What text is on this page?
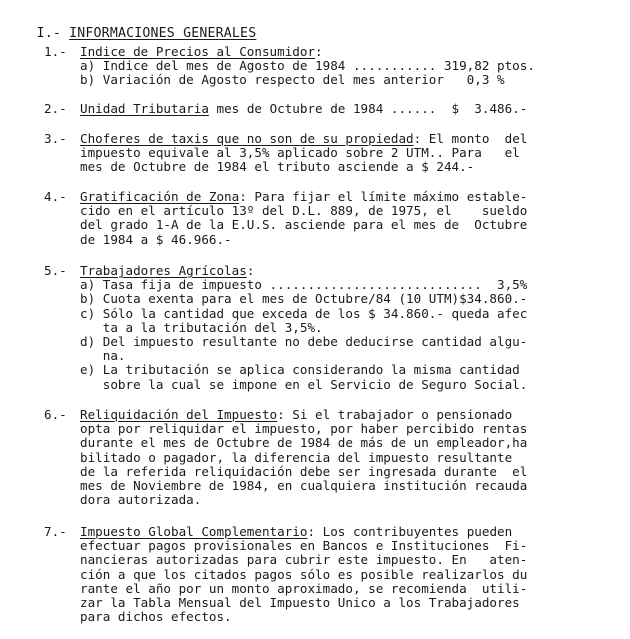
I.- INFORMACIONES GENERALES

1.- Indice de Precios al Consumidor:
a) Indice del mes de Agosto de 1984 ........... 319,82 ptos.
b) Variación de Agosto respecto del mes anterior   0,3 %
2.- Unidad Tributaria mes de Octubre de 1984 ......  $  3.486.-
3.- Choferes de taxis que no son de su propiedad: El monto  del
impuesto equivale al 3,5% aplicado sobre 2 UTM.. Para   el
mes de Octubre de 1984 el tributo asciende a $ 244.-
4.- Gratificación de Zona: Para fijar el límite máximo estable-
cido en el artículo 13º del D.L. 889, de 1975, el    sueldo
del grado 1-A de la E.U.S. asciende para el mes de  Octubre
de 1984 a $ 46.966.-
5.- Trabajadores Agrícolas:
a) Tasa fija de impuesto ............................  3,5%
b) Cuota exenta para el mes de Octubre/84 (10 UTM)$34.860.-
c) Sólo la cantidad que exceda de los $ 34.860.- queda afec
ta a la tributación del 3,5%.
d) Del impuesto resultante no debe deducirse cantidad algu-
na.
e) La tributación se aplica considerando la misma cantidad
sobre la cual se impone en el Servicio de Seguro Social.
6.- Reliquidación del Impuesto: Si el trabajador o pensionado
opta por reliquidar el impuesto, por haber percibido rentas
durante el mes de Octubre de 1984 de más de un empleador,ha
bilitado o pagador, la diferencia del impuesto resultante
de la referida reliquidación debe ser ingresada durante  el
mes de Noviembre de 1984, en cualquiera institución recauda
dora autorizada.
7.- Impuesto Global Complementario: Los contribuyentes pueden
efectuar pagos provisionales en Bancos e Instituciones  Fi-
nancieras autorizadas para cubrir este impuesto. En   aten-
ción a que los citados pagos sólo es posible realizarlos du
rante el año por un monto aproximado, se recomienda  utili-
zar la Tabla Mensual del Impuesto Unico a los Trabajadores
para dichos efectos.
